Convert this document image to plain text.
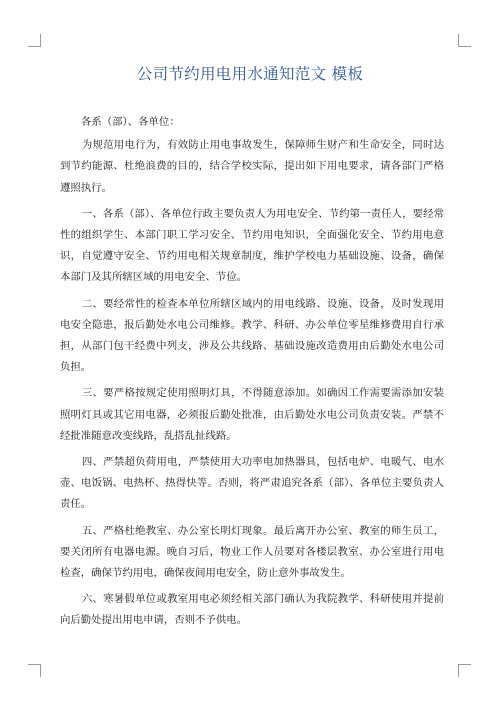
公司节约用电用水通知范文 模板

各系（部）、各单位：

为规范用电行为，有效防止用电事故发生，保障师生财产和生命安全，同时达到节约能源、杜绝浪费的目的，结合学校实际，提出如下用电要求，请各部门严格遵照执行。

一、各系（部）、各单位行政主要负责人为用电安全、节约第一责任人，要经常性的组织学生、本部门职工学习安全、节约用电知识，全面强化安全、节约用电意识，自觉遵守安全、节约用电相关规章制度，维护学校电力基础设施、设备，确保本部门及其所辖区域的用电安全、节俭。

二、要经常性的检查本单位所辖区域内的用电线路、设施、设备，及时发现用电安全隐患，报后勤处水电公司维修。教学、科研、办公单位零星维修费用自行承担，从部门包干经费中列支，涉及公共线路、基础设施改造费用由后勤处水电公司负担。

三、要严格按规定使用照明灯具，不得随意添加。如确因工作需要需添加安装照明灯具或其它用电器，必须报后勤处批准，由后勤处水电公司负责安装。严禁不经批准随意改变线路，乱搭乱扯线路。

四、严禁超负荷用电，严禁使用大功率电加热器具，包括电炉、电暖气、电水壶、电饭锅、电热杯、热得快等。否则，将严肃追究各系（部）、各单位主要负责人责任。

五、严格杜绝教室、办公室长明灯现象。最后离开办公室、教室的师生员工，要关闭所有电器电源。晚自习后，物业工作人员要对各楼层教室、办公室进行用电检查，确保节约用电，确保夜间用电安全，防止意外事故发生。

六、寒暑假单位或教室用电必须经相关部门确认为我院教学、科研使用并提前向后勤处提出用电申请，否则不予供电。
